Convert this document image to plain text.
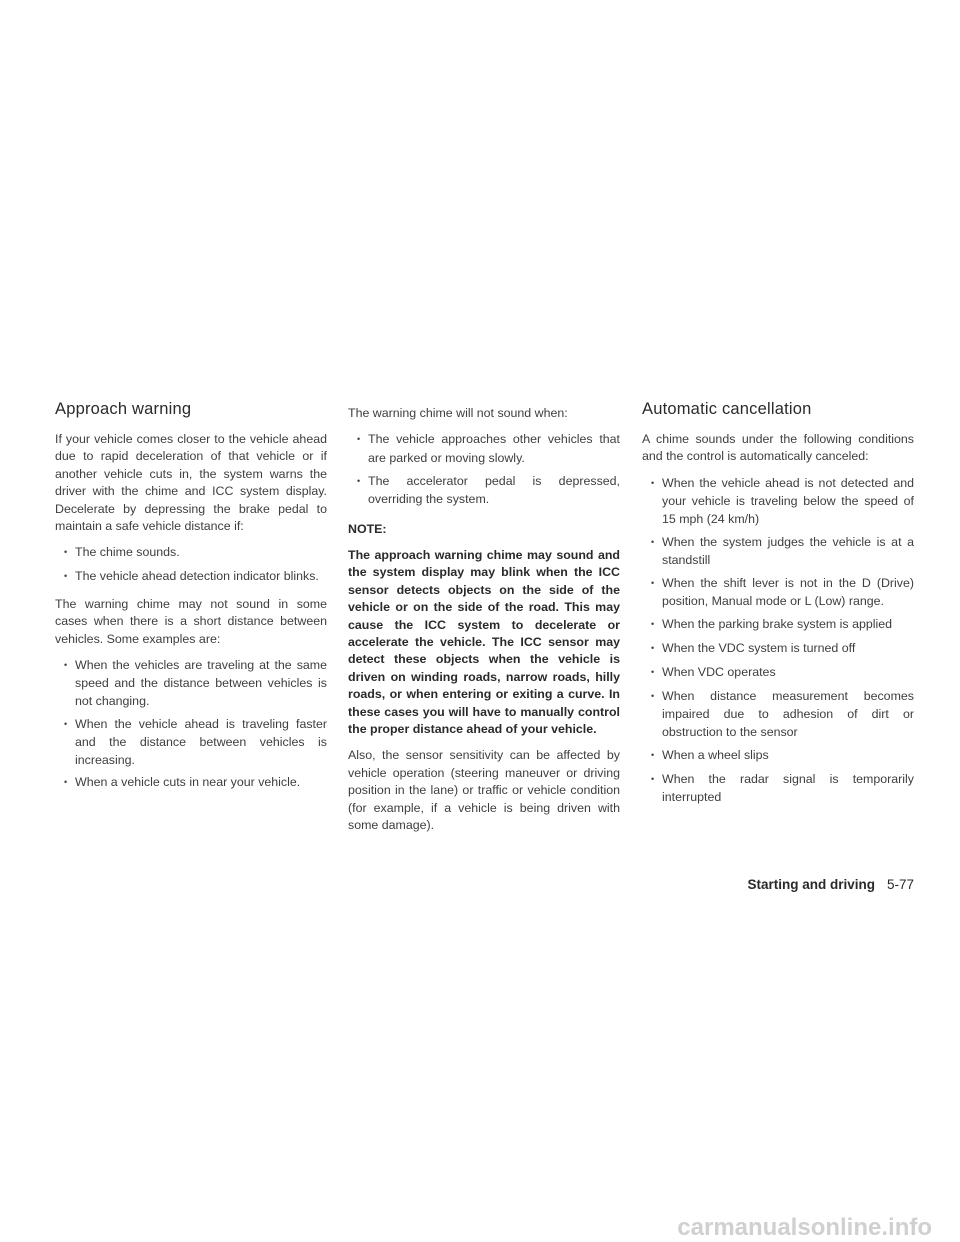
Approach warning

If your vehicle comes closer to the vehicle ahead due to rapid deceleration of that vehicle or if another vehicle cuts in, the system warns the driver with the chime and ICC system display. Decelerate by depressing the brake pedal to maintain a safe vehicle distance if:

• The chime sounds.
• The vehicle ahead detection indicator blinks.

The warning chime may not sound in some cases when there is a short distance between vehicles. Some examples are:

• When the vehicles are traveling at the same speed and the distance between vehicles is not changing.
• When the vehicle ahead is traveling faster and the distance between vehicles is increasing.
• When a vehicle cuts in near your vehicle.

The warning chime will not sound when:

• The vehicle approaches other vehicles that are parked or moving slowly.
• The accelerator pedal is depressed, overriding the system.

NOTE:

The approach warning chime may sound and the system display may blink when the ICC sensor detects objects on the side of the vehicle or on the side of the road. This may cause the ICC system to decelerate or accelerate the vehicle. The ICC sensor may detect these objects when the vehicle is driven on winding roads, narrow roads, hilly roads, or when entering or exiting a curve. In these cases you will have to manually control the proper distance ahead of your vehicle.

Also, the sensor sensitivity can be affected by vehicle operation (steering maneuver or driving position in the lane) or traffic or vehicle condition (for example, if a vehicle is being driven with some damage).

Automatic cancellation

A chime sounds under the following conditions and the control is automatically canceled:

• When the vehicle ahead is not detected and your vehicle is traveling below the speed of 15 mph (24 km/h)
• When the system judges the vehicle is at a standstill
• When the shift lever is not in the D (Drive) position, Manual mode or L (Low) range.
• When the parking brake system is applied
• When the VDC system is turned off
• When VDC operates
• When distance measurement becomes impaired due to adhesion of dirt or obstruction to the sensor
• When a wheel slips
• When the radar signal is temporarily interrupted
Starting and driving 5-77
carmanualsonline.info
